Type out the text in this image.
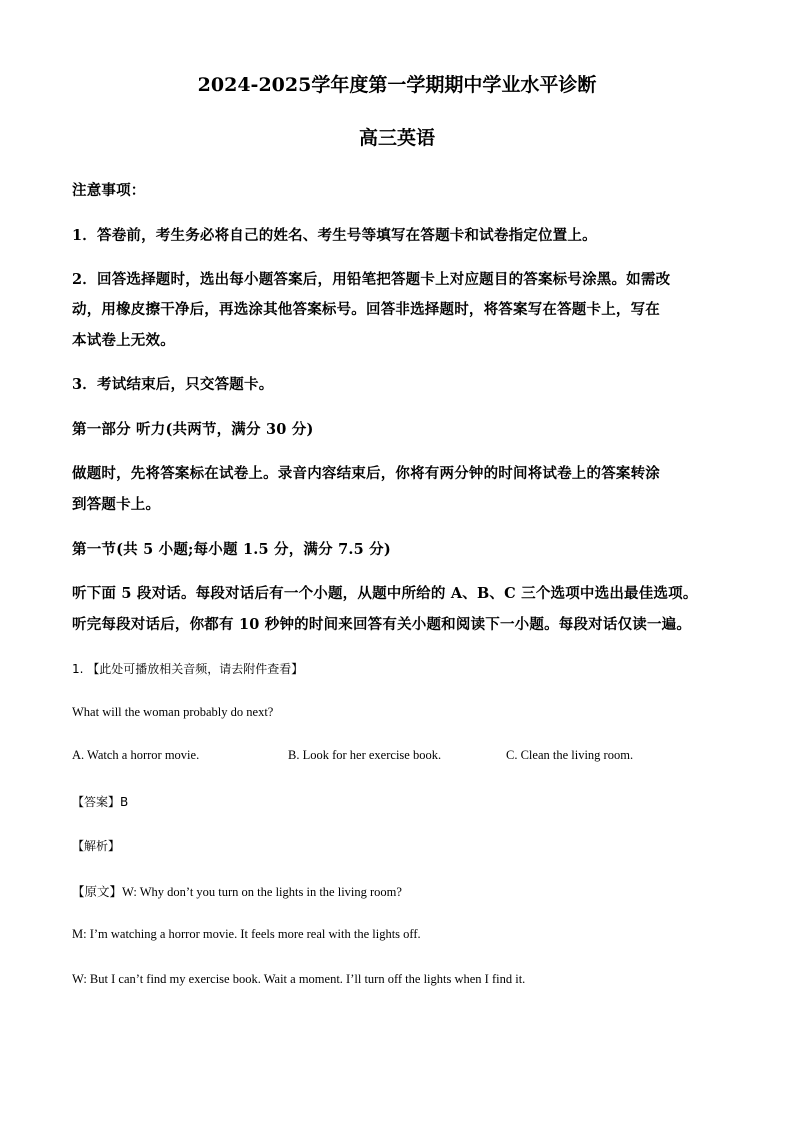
2024-2025学年度第一学期期中学业水平诊断
高三英语
注意事项：
1．答卷前，考生务必将自己的姓名、考生号等填写在答题卡和试卷指定位置上。
2．回答选择题时，选出每小题答案后，用铅笔把答题卡上对应题目的答案标号涂黑。如需改
动，用橡皮擦干净后，再选涂其他答案标号。回答非选择题时，将答案写在答题卡上，写在
本试卷上无效。
3．考试结束后，只交答题卡。
第一部分 听力(共两节，满分 30 分)
做题时，先将答案标在试卷上。录音内容结束后，你将有两分钟的时间将试卷上的答案转涂
到答题卡上。
第一节(共 5 小题;每小题 1.5 分，满分 7.5 分)
听下面 5 段对话。每段对话后有一个小题，从题中所给的 A、B、C 三个选项中选出最佳选项。
听完每段对话后，你都有 10 秒钟的时间来回答有关小题和阅读下一小题。每段对话仅读一遍。
1. 【此处可播放相关音频，请去附件查看】
What will the woman probably do next?
A. Watch a horror movie.	B. Look for her exercise book.	C. Clean the living room.
【答案】B
【解析】
【原文】W: Why don’t you turn on the lights in the living room?
M: I’m watching a horror movie. It feels more real with the lights off.
W: But I can’t find my exercise book. Wait a moment. I’ll turn off the lights when I find it.
